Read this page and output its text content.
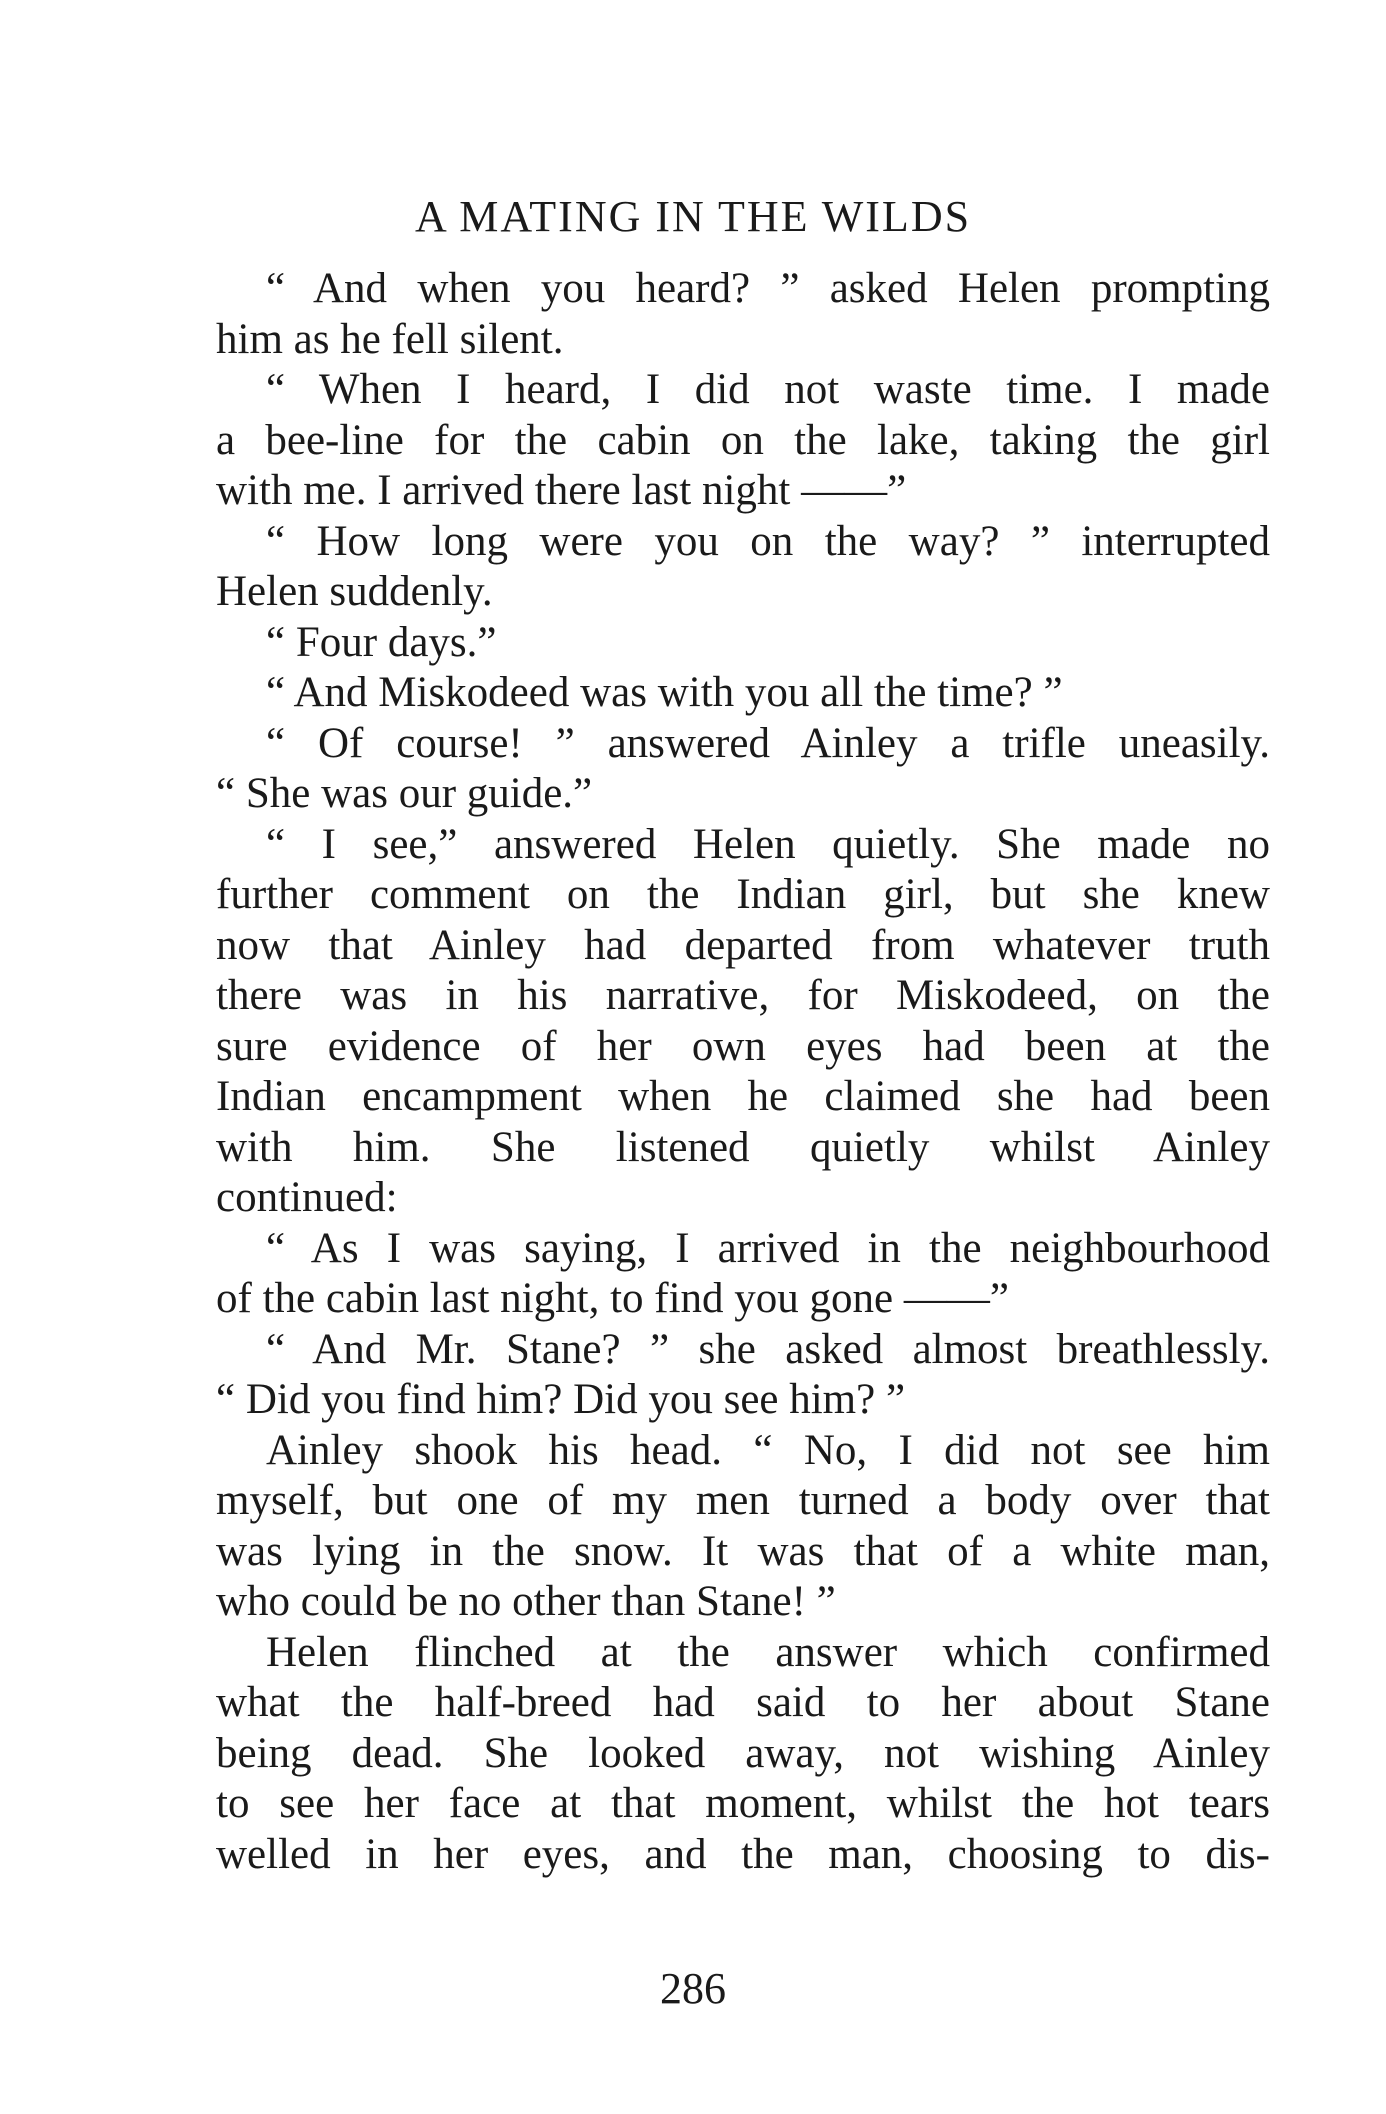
A MATING IN THE WILDS
“ And when you heard? ” asked Helen prompting
him as he fell silent.
“ When I heard, I did not waste time. I made
a bee-line for the cabin on the lake, taking the girl
with me. I arrived there last night ——”
“ How long were you on the way? ” interrupted
Helen suddenly.
“ Four days.”
“ And Miskodeed was with you all the time? ”
“ Of course! ” answered Ainley a trifle uneasily.
“ She was our guide.”
“ I see,” answered Helen quietly. She made no
further comment on the Indian girl, but she knew
now that Ainley had departed from whatever truth
there was in his narrative, for Miskodeed, on the
sure evidence of her own eyes had been at the
Indian encampment when he claimed she had been
with him. She listened quietly whilst Ainley
continued:
“ As I was saying, I arrived in the neighbourhood
of the cabin last night, to find you gone ——”
“ And Mr. Stane? ” she asked almost breathlessly.
“ Did you find him? Did you see him? ”
Ainley shook his head. “ No, I did not see him
myself, but one of my men turned a body over that
was lying in the snow. It was that of a white man,
who could be no other than Stane! ”
Helen flinched at the answer which confirmed
what the half-breed had said to her about Stane
being dead. She looked away, not wishing Ainley
to see her face at that moment, whilst the hot tears
welled in her eyes, and the man, choosing to dis-
286
